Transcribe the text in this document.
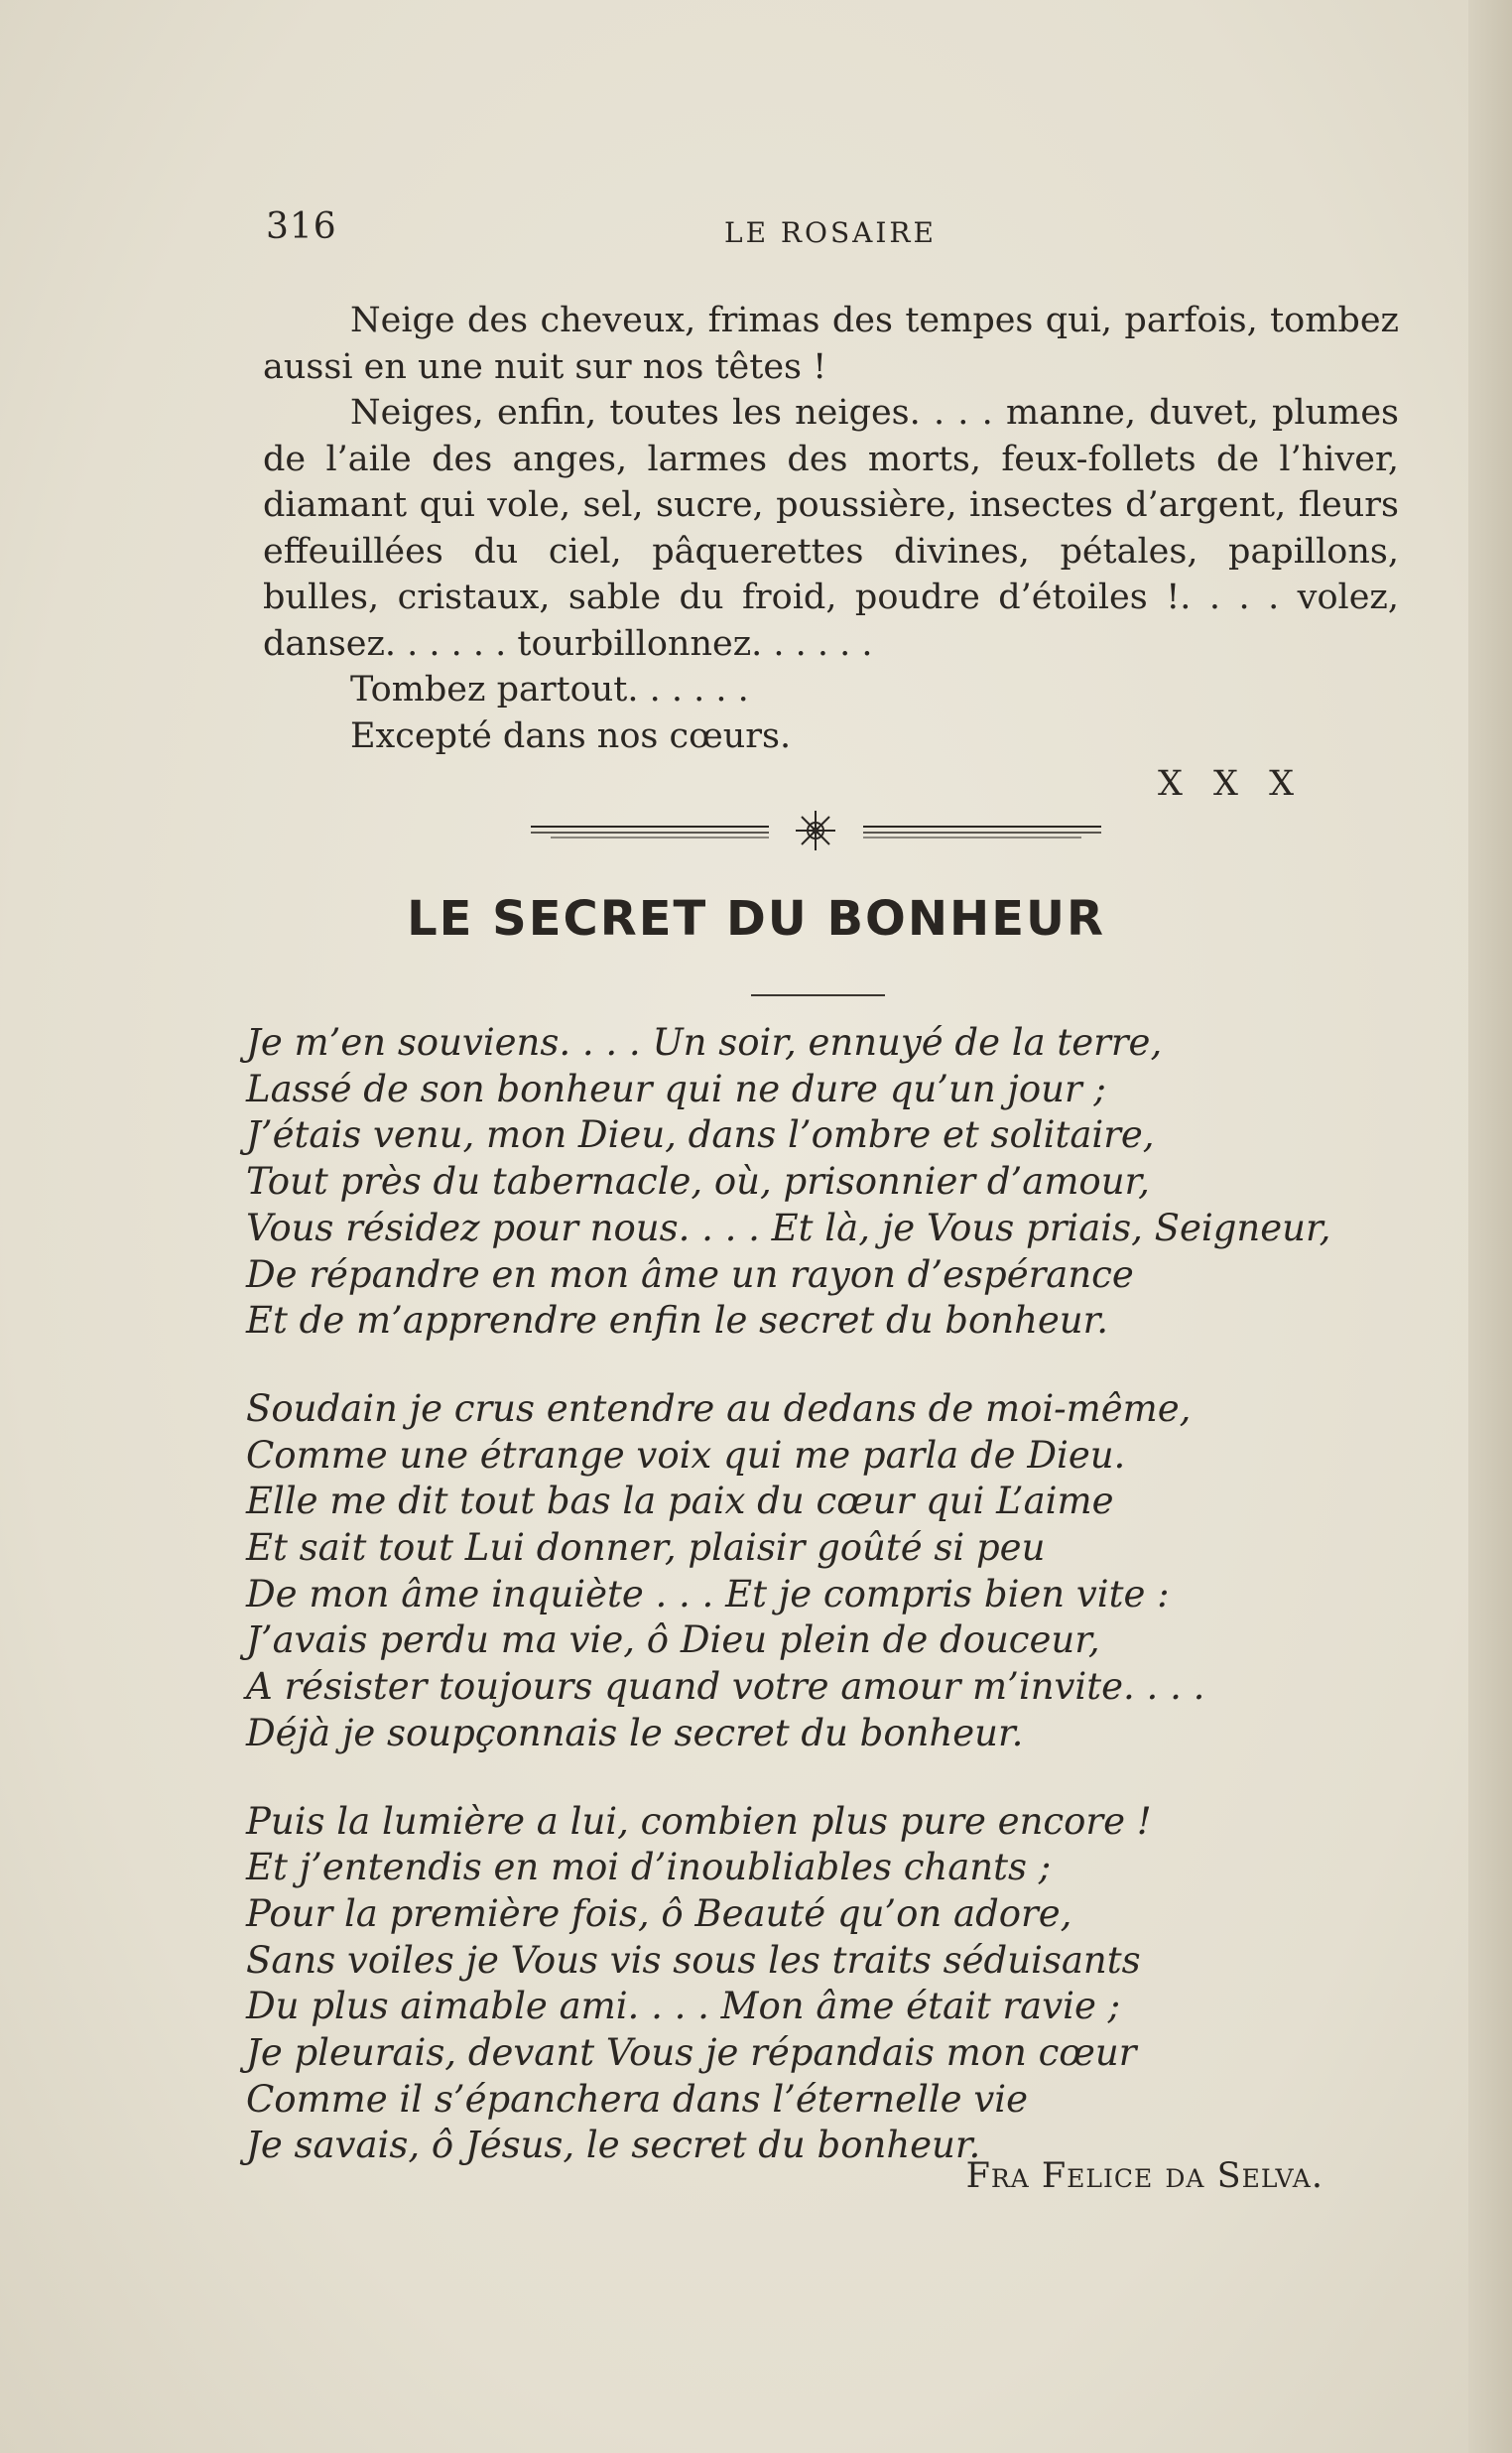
316	LE ROSAIRE

Neige des cheveux, frimas des tempes qui, parfois, tombez aussi en une nuit sur nos têtes !

Neiges, enfin, toutes les neiges. . . . manne, duvet, plumes de l’aile des anges, larmes des morts, feux-follets de l’hiver, diamant qui vole, sel, sucre, poussière, insectes d’argent, fleurs effeuillées du ciel, pâquerettes divines, pétales, papillons, bulles, cristaux, sable du froid, poudre d’étoiles !. . . . volez, dansez. . . . . . tourbillonnez. . . . . .

Tombez partout. . . . . .

Excepté dans nos cœurs.

X X X

LE SECRET DU BONHEUR
Je m’en souviens. . . . Un soir, ennuyé de la terre,
Lassé de son bonheur qui ne dure qu’un jour ;
J’étais venu, mon Dieu, dans l’ombre et solitaire,
Tout près du tabernacle, où, prisonnier d’amour,
Vous résidez pour nous. . . . Et là, je Vous priais, Seigneur,
De répandre en mon âme un rayon d’espérance
Et de m’apprendre enfin le secret du bonheur.
Soudain je crus entendre au dedans de moi-même,
Comme une étrange voix qui me parla de Dieu.
Elle me dit tout bas la paix du cœur qui L’aime
Et sait tout Lui donner, plaisir goûté si peu
De mon âme inquiète . . . Et je compris bien vite :
J’avais perdu ma vie, ô Dieu plein de douceur,
A résister toujours quand votre amour m’invite. . . .
Déjà je soupçonnais le secret du bonheur.
Puis la lumière a lui, combien plus pure encore !
Et j’entendis en moi d’inoubliables chants ;
Pour la première fois, ô Beauté qu’on adore,
Sans voiles je Vous vis sous les traits séduisants
Du plus aimable ami. . . . Mon âme était ravie ;
Je pleurais, devant Vous je répandais mon cœur
Comme il s’épanchera dans l’éternelle vie
Je savais, ô Jésus, le secret du bonheur.
Fra Felice da Selva.
